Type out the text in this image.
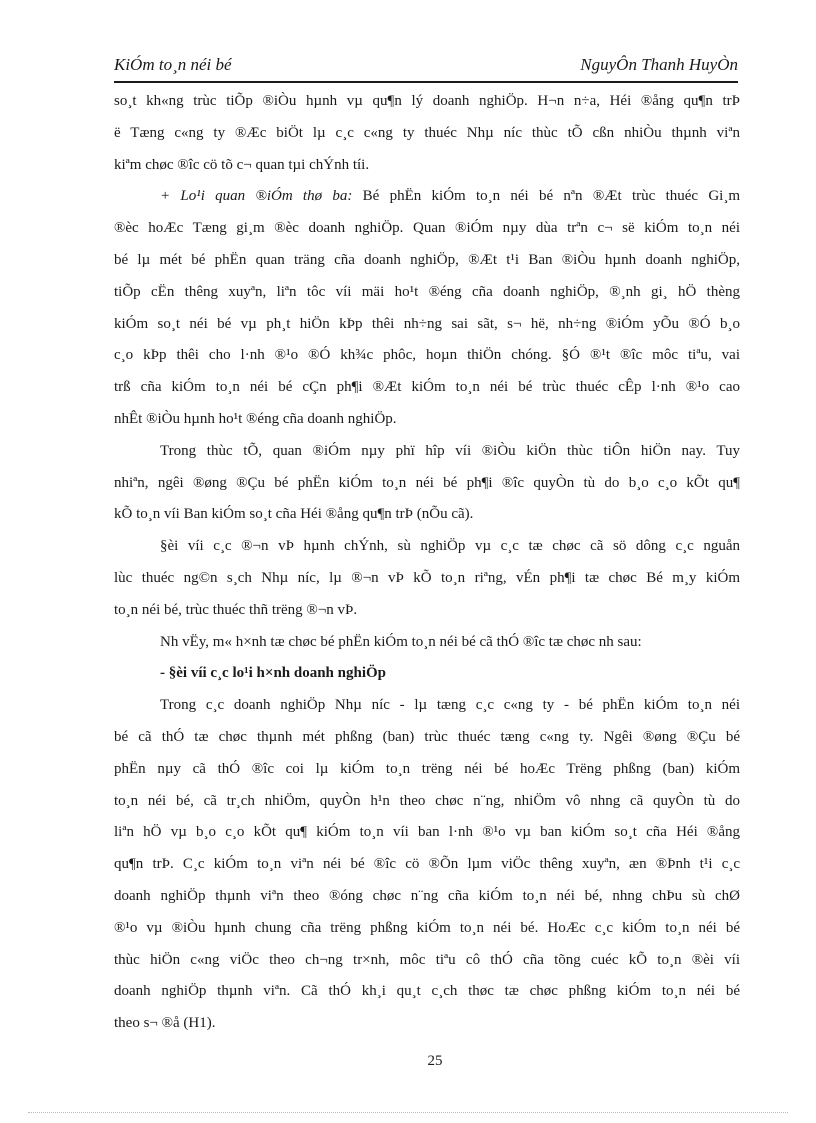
KiÓm to¸n néi bé	NguyÔn Thanh HuyÒn

so¸t kh«ng trùc tiÕp ®iÒu hµnh vµ qu¶n lý doanh nghiÖp. H¬n n÷a, Héi ®ång qu¶n trÞ
ë Tæng c«ng ty ®Æc biÖt lµ c¸c c«ng ty thuéc Nhµ níc thùc tÕ cßn nhiÒu thµnh viªn
kiªm chøc ®îc cö tõ c¬ quan tµi chÝnh tíi.

+ Lo¹i quan ®iÓm thø ba: Bé phËn kiÓm to¸n néi bé nªn ®Æt trùc thuéc Gi¸m
®èc hoÆc Tæng gi¸m ®èc doanh nghiÖp. Quan ®iÓm nµy dùa trªn c¬ së kiÓm to¸n néi
bé lµ mét bé phËn quan träng cña doanh nghiÖp, ®Æt t¹i Ban ®iÒu hµnh doanh nghiÖp,
tiÕp cËn thêng xuyªn, liªn tôc víi mäi ho¹t ®éng cña doanh nghiÖp, ®¸nh gi¸ hÖ thèng
kiÓm so¸t néi bé vµ ph¸t hiÖn kÞp thêi nh÷ng sai sãt, s¬ hë, nh÷ng ®iÓm yÕu ®Ó b¸o
c¸o kÞp thêi cho l·nh ®¹o ®Ó kh¾c phôc, hoµn thiÖn chóng. §Ó ®¹t ®îc môc tiªu, vai
trß cña kiÓm to¸n néi bé cÇn ph¶i ®Æt kiÓm to¸n néi bé trùc thuéc cÊp l·nh ®¹o cao
nhÊt ®iÒu hµnh ho¹t ®éng cña doanh nghiÖp.

Trong thùc tÕ, quan ®iÓm nµy phï hîp víi ®iÒu kiÖn thùc tiÔn hiÖn nay. Tuy
nhiªn, ngêi ®øng ®Çu bé phËn kiÓm to¸n néi bé ph¶i ®îc quyÒn tù do b¸o c¸o kÕt qu¶
kÕ to¸n víi Ban kiÓm so¸t cña Héi ®ång qu¶n trÞ (nÕu cã).

§èi víi c¸c ®¬n vÞ hµnh chÝnh, sù nghiÖp vµ c¸c tæ chøc cã sö dông c¸c nguån
lùc thuéc ng©n s¸ch Nhµ níc, lµ ®¬n vÞ kÕ to¸n riªng, vÉn ph¶i tæ chøc Bé m¸y kiÓm
to¸n néi bé, trùc thuéc thñ trëng ®¬n vÞ.

Nh vËy, m« h×nh tæ chøc bé phËn kiÓm to¸n néi bé cã thÓ ®îc tæ chøc nh sau:

- §èi víi c¸c lo¹i h×nh doanh nghiÖp

Trong c¸c doanh nghiÖp Nhµ níc - lµ tæng c¸c c«ng ty - bé phËn kiÓm to¸n néi
bé cã thÓ tæ chøc thµnh mét phßng (ban) trùc thuéc tæng c«ng ty. Ngêi ®øng ®Çu bé
phËn nµy cã thÓ ®îc coi lµ kiÓm to¸n trëng néi bé hoÆc Trëng phßng (ban) kiÓm
to¸n néi bé, cã tr¸ch nhiÖm, quyÒn h¹n theo chøc n¨ng, nhiÖm vô nhng cã quyÒn tù do
liªn hÖ vµ b¸o c¸o kÕt qu¶ kiÓm to¸n víi ban l·nh ®¹o vµ ban kiÓm so¸t cña Héi ®ång
qu¶n trÞ. C¸c kiÓm to¸n viªn néi bé ®îc cö ®Õn lµm viÖc thêng xuyªn, æn ®Þnh t¹i c¸c
doanh nghiÖp thµnh viªn theo ®óng chøc n¨ng cña kiÓm to¸n néi bé, nhng chÞu sù chØ
®¹o vµ ®iÒu hµnh chung cña trëng phßng kiÓm to¸n néi bé. HoÆc c¸c kiÓm to¸n néi bé
thùc hiÖn c«ng viÖc theo ch¬ng tr×nh, môc tiªu cô thÓ cña tõng cuéc kÕ to¸n ®èi víi
doanh nghiÖp thµnh viªn. Cã thÓ kh¸i qu¸t c¸ch thøc tæ chøc phßng kiÓm to¸n néi bé
theo s¬ ®å (H1).

25
